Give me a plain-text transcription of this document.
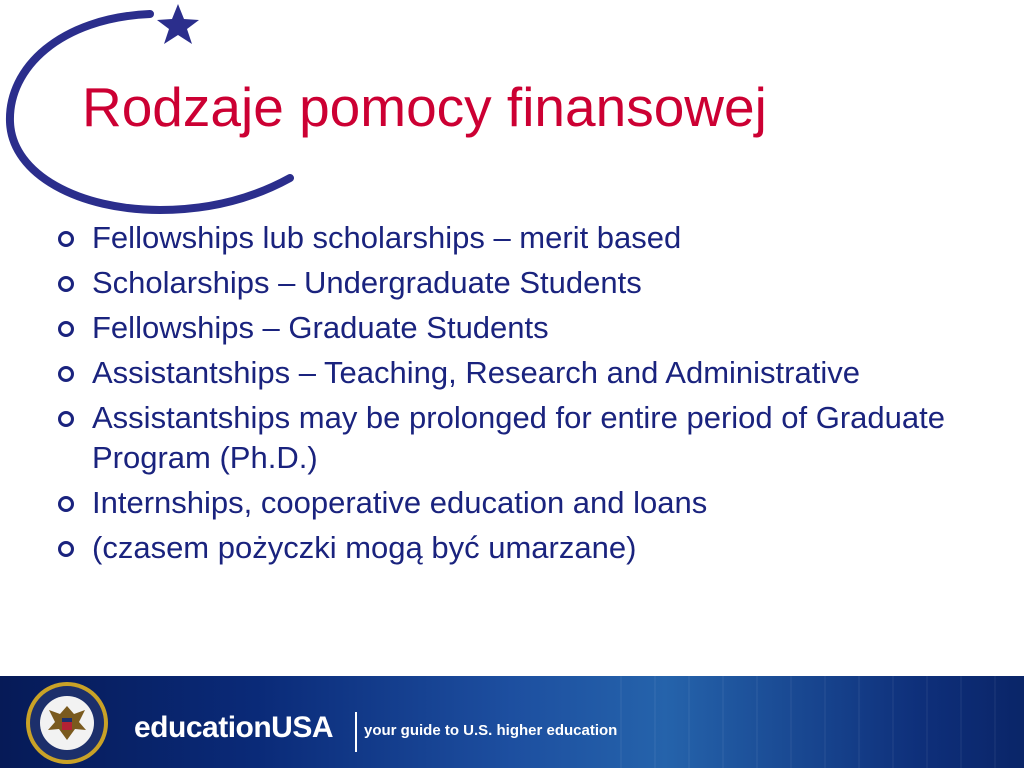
Rodzaje pomocy finansowej
Fellowships lub scholarships – merit based
Scholarships – Undergraduate Students
Fellowships – Graduate Students
Assistantships – Teaching, Research and Administrative
Assistantships may be prolonged for entire period of Graduate Program (Ph.D.)
Internships, cooperative education and loans
(czasem pożyczki mogą być umarzane)
educationUSA your guide to U.S. higher education
